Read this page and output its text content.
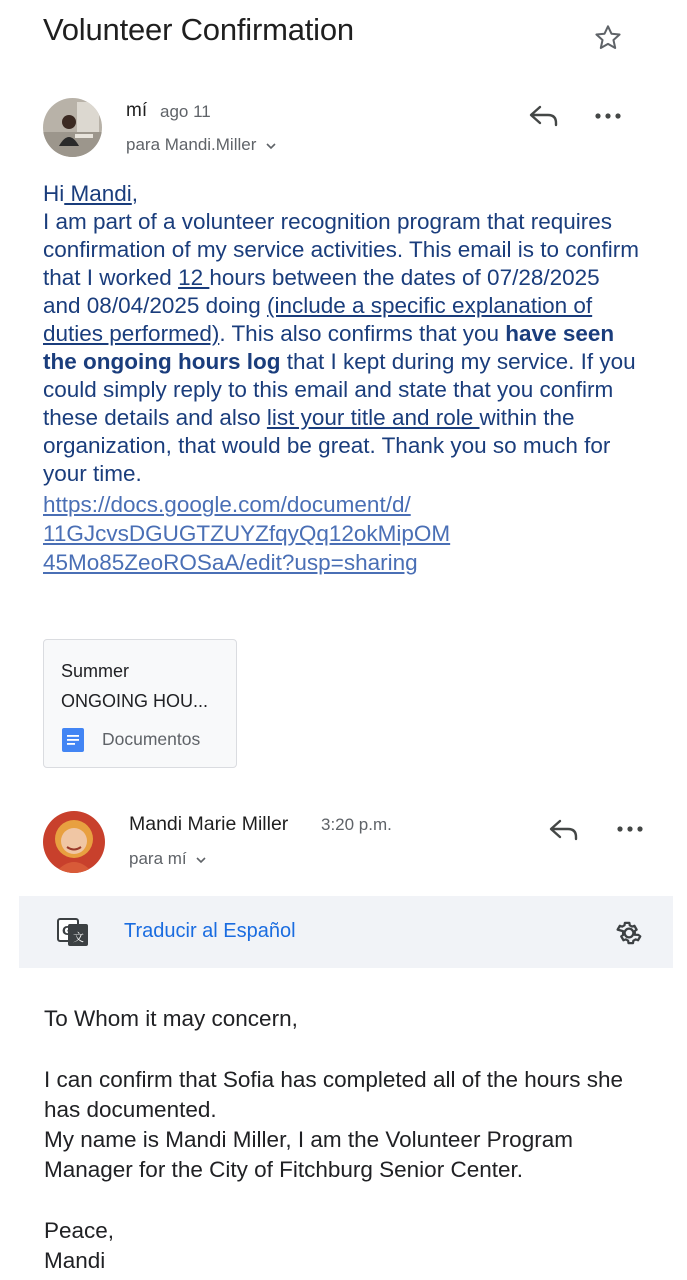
Volunteer Confirmation
mí ago 11
para Mandi.Miller
Hi Mandi,
I am part of a volunteer recognition program that requires confirmation of my service activities. This email is to confirm that I worked 12 hours between the dates of 07/28/2025 and 08/04/2025 doing (include a specific explanation of duties performed). This also confirms that you have seen the ongoing hours log that I kept during my service. If you could simply reply to this email and state that you confirm these details and also list your title and role within the organization, that would be great. Thank you so much for your time.

https://docs.google.com/document/d/
11GJcvsDGUGTZUYZfqyQq12okMipOM
45Mo85ZeoROSaA/edit?usp=sharing
Summer
ONGOING HOU...
Documentos
Mandi Marie Miller 3:20 p.m.
para mí
G 文 Traducir al Español

To Whom it may concern,

I can confirm that Sofia has completed all of the hours she has documented.

My name is Mandi Miller, I am the Volunteer Program Manager for the City of Fitchburg Senior Center.

Peace,

Mandi
